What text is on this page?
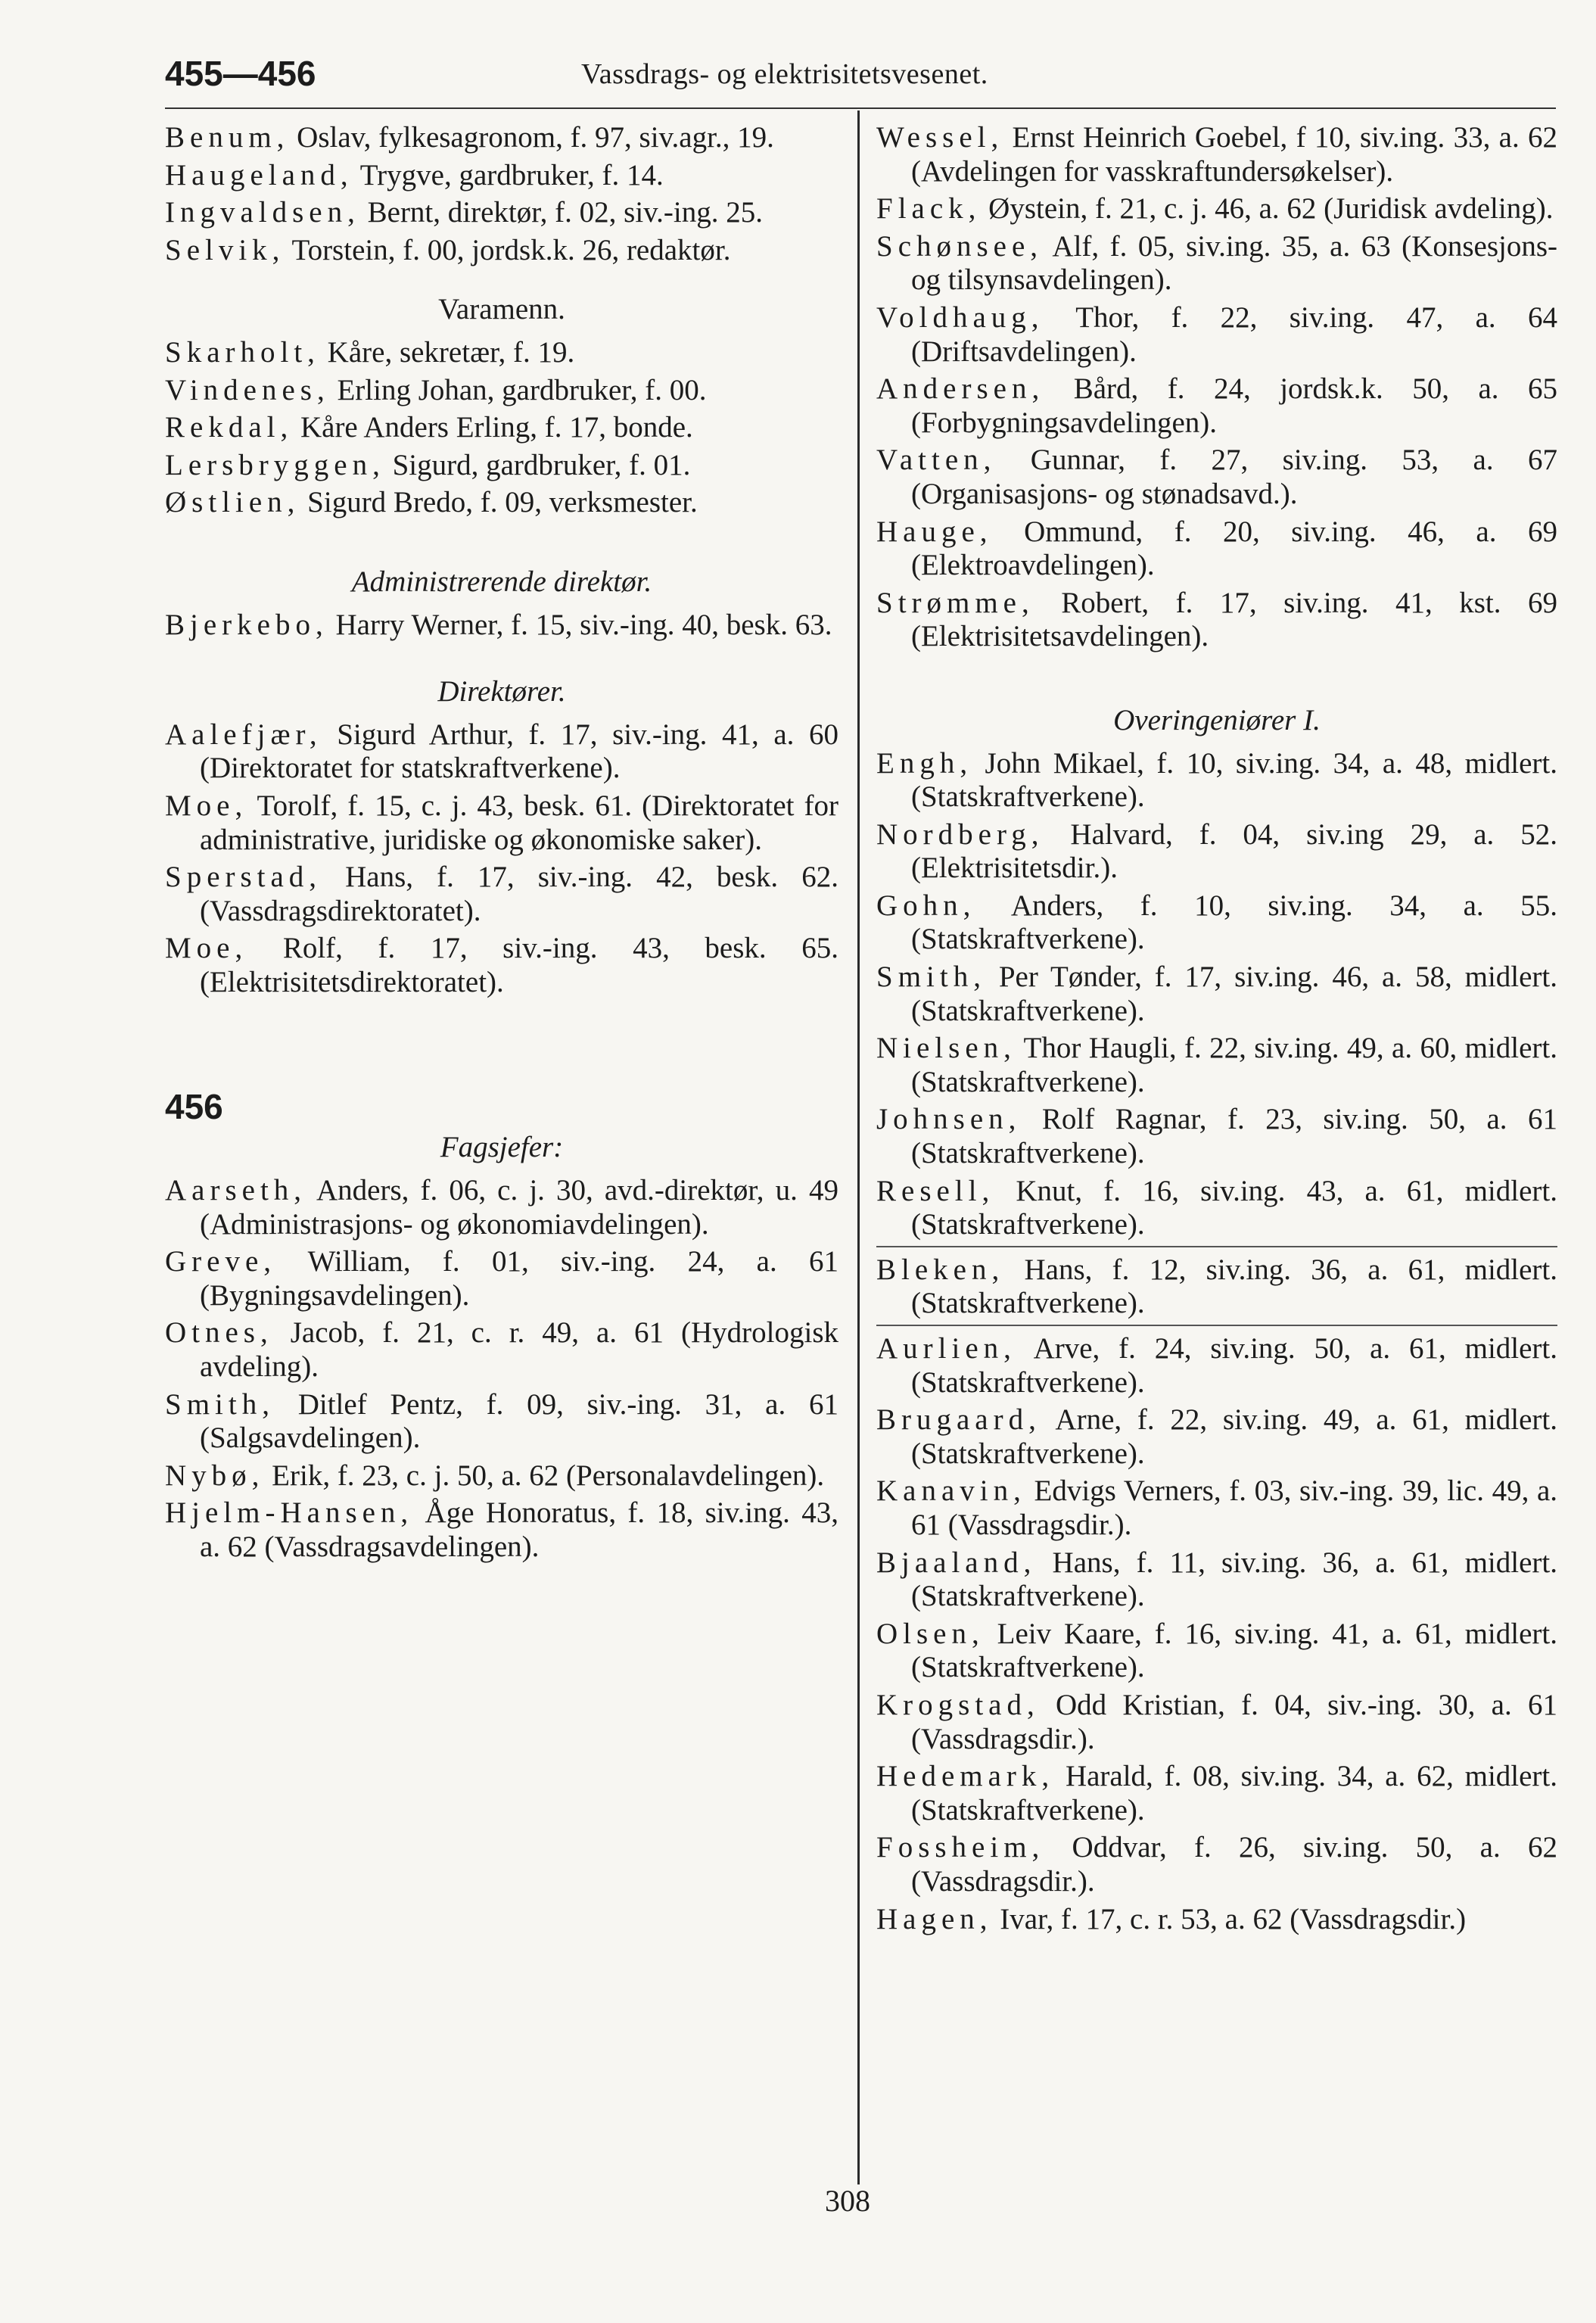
455—456	Vassdrags- og elektrisitetsvesenet.

Benum, Oslav, fylkesagronom, f. 97, siv.agr., 19.

Haugeland, Trygve, gardbruker, f. 14.

Ingvaldsen, Bernt, direktør, f. 02, siv.-ing. 25.

Selvik, Torstein, f. 00, jordsk.k. 26, redaktør.

Varamenn.

Skarholt, Kåre, sekretær, f. 19.

Vindenes, Erling Johan, gardbruker, f. 00.

Rekdal, Kåre Anders Erling, f. 17, bonde.

Lersbryggen, Sigurd, gardbruker, f. 01.

Østlien, Sigurd Bredo, f. 09, verksmester.

Administrerende direktør.

Bjerkebo, Harry Werner, f. 15, siv.-ing. 40, besk. 63.

Direktører.

Aalefjær, Sigurd Arthur, f. 17, siv.-ing. 41, a. 60 (Direktoratet for statskraftverkene).

Moe, Torolf, f. 15, c. j. 43, besk. 61. (Direktoratet for administrative, juridiske og økonomiske saker).

Sperstad, Hans, f. 17, siv.-ing. 42, besk. 62. (Vassdragsdirektoratet).

Moe, Rolf, f. 17, siv.-ing. 43, besk. 65. (Elektrisitetsdirektoratet).

456
Fagsjefer:

Aarseth, Anders, f. 06, c. j. 30, avd.-direktør, u. 49 (Administrasjons- og økonomiavdelingen).

Greve, William, f. 01, siv.-ing. 24, a. 61 (Bygningsavdelingen).

Otnes, Jacob, f. 21, c. r. 49, a. 61 (Hydrologisk avdeling).

Smith, Ditlef Pentz, f. 09, siv.-ing. 31, a. 61 (Salgsavdelingen).

Nybø, Erik, f. 23, c. j. 50, a. 62 (Personalavdelingen).

Hjelm-Hansen, Åge Honoratus, f. 18, siv.ing. 43, a. 62 (Vassdragsavdelingen).

Wessel, Ernst Heinrich Goebel, f 10, siv.ing. 33, a. 62 (Avdelingen for vasskraftundersøkelser).

Flack, Øystein, f. 21, c. j. 46, a. 62 (Juridisk avdeling).

Schønsee, Alf, f. 05, siv.ing. 35, a. 63 (Konsesjons- og tilsynsavdelingen).

Voldhaug, Thor, f. 22, siv.ing. 47, a. 64 (Driftsavdelingen).

Andersen, Bård, f. 24, jordsk.k. 50, a. 65 (Forbygningsavdelingen).

Vatten, Gunnar, f. 27, siv.ing. 53, a. 67 (Organisasjons- og stønadsavd.).

Hauge, Ommund, f. 20, siv.ing. 46, a. 69 (Elektroavdelingen).

Strømme, Robert, f. 17, siv.ing. 41, kst. 69 (Elektrisitetsavdelingen).

Overingeniører I.

Engh, John Mikael, f. 10, siv.ing. 34, a. 48, midlert. (Statskraftverkene).

Nordberg, Halvard, f. 04, siv.ing 29, a. 52. (Elektrisitetsdir.).

Gohn, Anders, f. 10, siv.ing. 34, a. 55. (Statskraftverkene).

Smith, Per Tønder, f. 17, siv.ing. 46, a. 58, midlert. (Statskraftverkene).

Nielsen, Thor Haugli, f. 22, siv.ing. 49, a. 60, midlert. (Statskraftverkene).

Johnsen, Rolf Ragnar, f. 23, siv.ing. 50, a. 61 (Statskraftverkene).

Resell, Knut, f. 16, siv.ing. 43, a. 61, midlert. (Statskraftverkene).

Bleken, Hans, f. 12, siv.ing. 36, a. 61, midlert. (Statskraftverkene).

Aurlien, Arve, f. 24, siv.ing. 50, a. 61, midlert. (Statskraftverkene).

Brugaard, Arne, f. 22, siv.ing. 49, a. 61, midlert. (Statskraftverkene).

Kanavin, Edvigs Verners, f. 03, siv.-ing. 39, lic. 49, a. 61 (Vassdragsdir.).

Bjaaland, Hans, f. 11, siv.ing. 36, a. 61, midlert. (Statskraftverkene).

Olsen, Leiv Kaare, f. 16, siv.ing. 41, a. 61, midlert. (Statskraftverkene).

Krogstad, Odd Kristian, f. 04, siv.-ing. 30, a. 61 (Vassdragsdir.).

Hedemark, Harald, f. 08, siv.ing. 34, a. 62, midlert. (Statskraftverkene).

Fossheim, Oddvar, f. 26, siv.ing. 50, a. 62 (Vassdragsdir.).

Hagen, Ivar, f. 17, c. r. 53, a. 62 (Vassdragsdir.)

308
